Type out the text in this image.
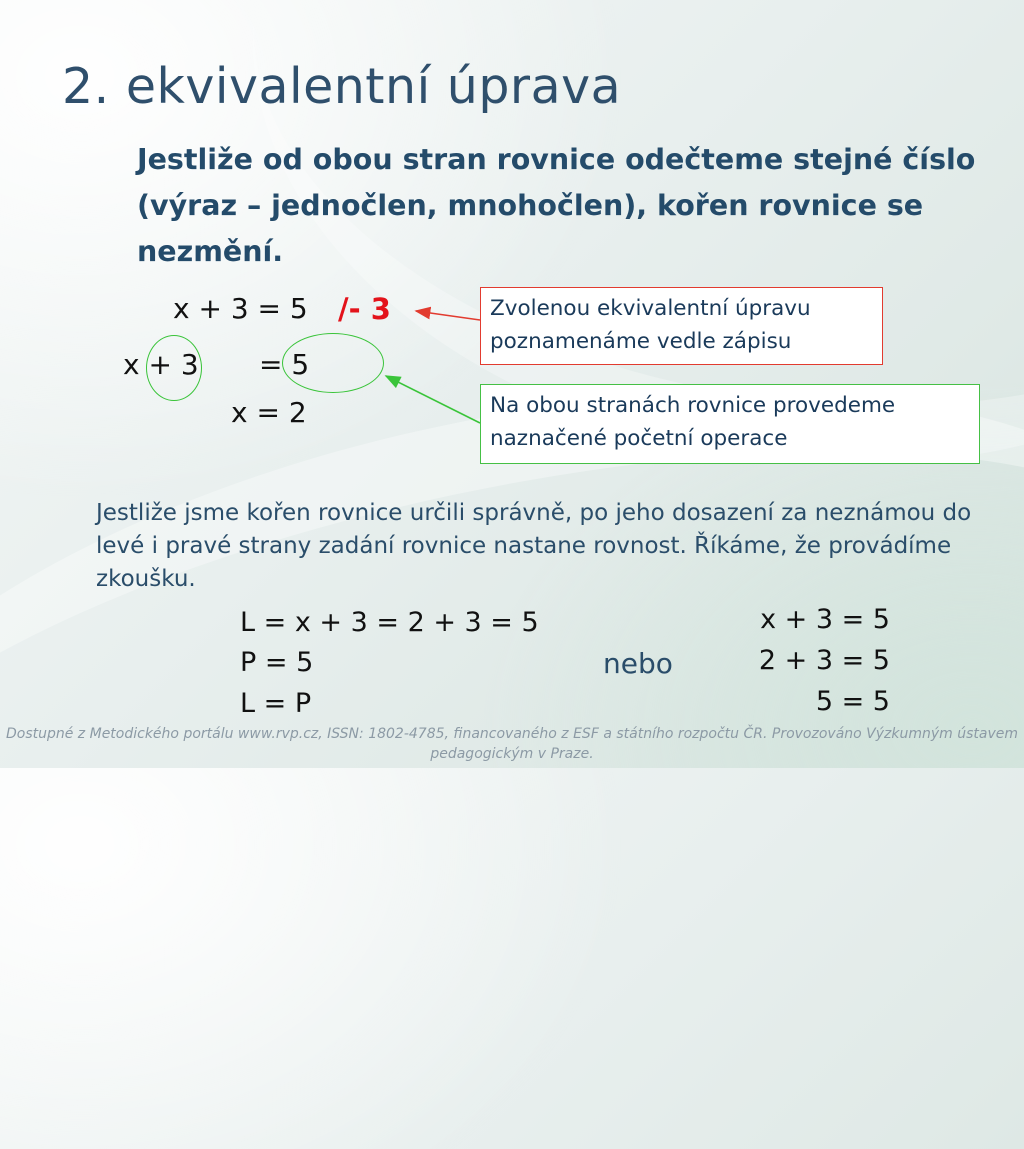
2. ekvivalentní úprava
Jestliže od obou stran rovnice odečteme stejné číslo (výraz – jednočlen, mnohočlen), kořen rovnice se nezmění.
x + 3 = 5 /- 3
x + 3 = 5
x = 2
Zvolenou ekvivalentní úpravu poznamenáme vedle zápisu
Na obou stranách rovnice provedeme naznačené početní operace
Jestliže jsme kořen rovnice určili správně, po jeho dosazení za neznámou do levé i pravé strany zadání rovnice nastane rovnost. Říkáme, že provádíme zkoušku.
L = x + 3 = 2 + 3 = 5
P = 5
L = P
nebo
x + 3 = 5
2 + 3 = 5
5 = 5
Dostupné z Metodického portálu www.rvp.cz, ISSN: 1802-4785, financovaného z ESF a státního rozpočtu ČR. Provozováno Výzkumným ústavem pedagogickým v Praze.
